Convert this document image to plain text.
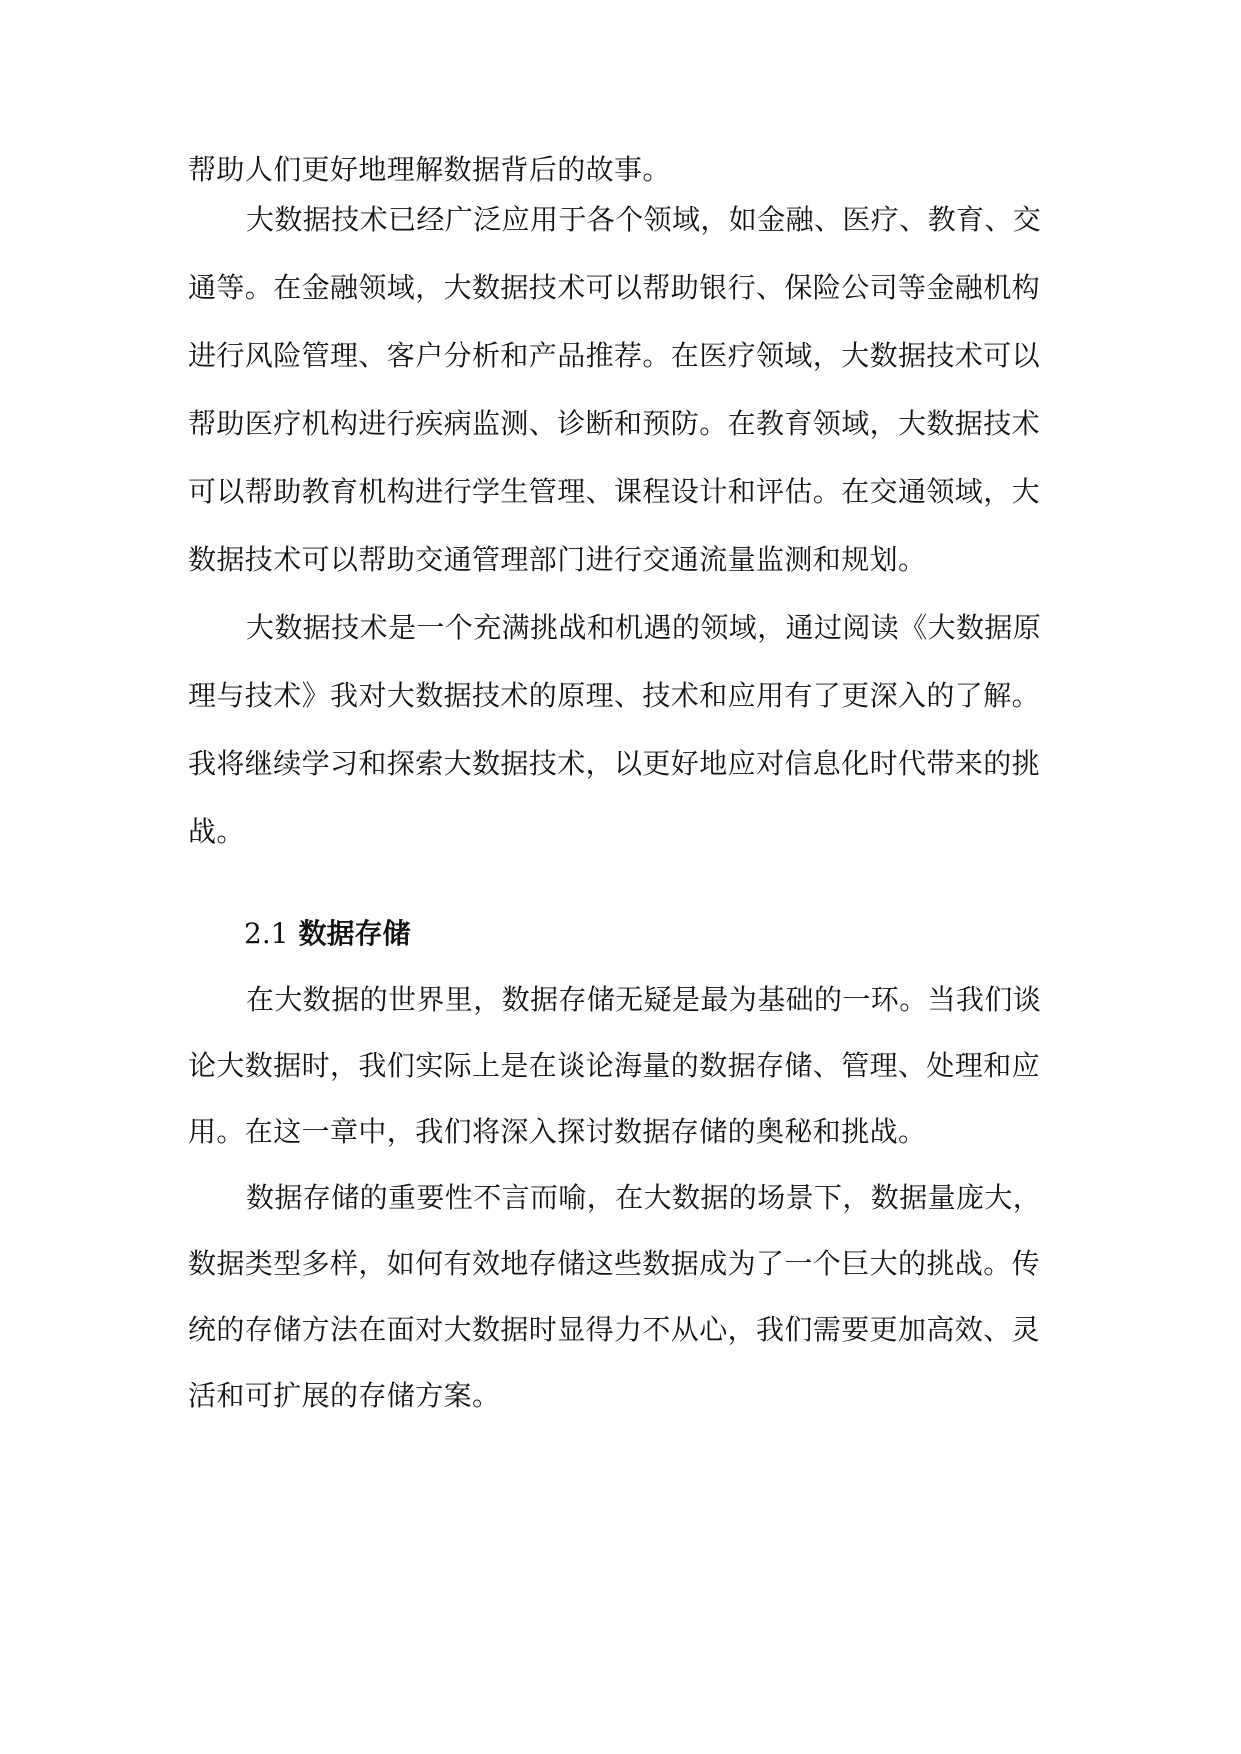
帮助人们更好地理解数据背后的故事。
大数据技术已经广泛应用于各个领域，如金融、医疗、教育、交
通等。在金融领域，大数据技术可以帮助银行、保险公司等金融机构
进行风险管理、客户分析和产品推荐。在医疗领域，大数据技术可以
帮助医疗机构进行疾病监测、诊断和预防。在教育领域，大数据技术
可以帮助教育机构进行学生管理、课程设计和评估。在交通领域，大
数据技术可以帮助交通管理部门进行交通流量监测和规划。
大数据技术是一个充满挑战和机遇的领域，通过阅读《大数据原
理与技术》我对大数据技术的原理、技术和应用有了更深入的了解。
我将继续学习和探索大数据技术，以更好地应对信息化时代带来的挑
战。
2.1 数据存储
在大数据的世界里，数据存储无疑是最为基础的一环。当我们谈
论大数据时，我们实际上是在谈论海量的数据存储、管理、处理和应
用。在这一章中，我们将深入探讨数据存储的奥秘和挑战。
数据存储的重要性不言而喻，在大数据的场景下，数据量庞大，
数据类型多样，如何有效地存储这些数据成为了一个巨大的挑战。传
统的存储方法在面对大数据时显得力不从心，我们需要更加高效、灵
活和可扩展的存储方案。
